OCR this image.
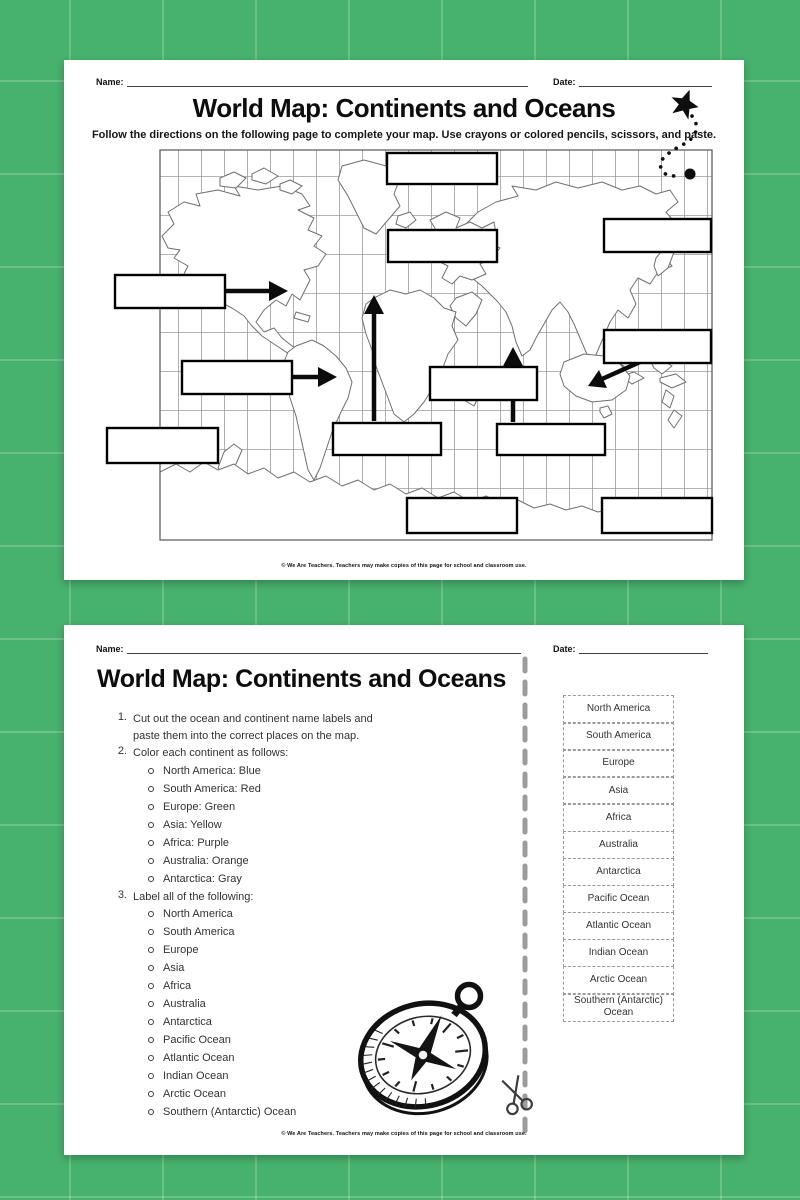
Name:	Date:
World Map: Continents and Oceans
Follow the directions on the following page to complete your map. Use crayons or colored pencils, scissors, and paste.
© We Are Teachers. Teachers may make copies of this page for school and classroom use.
Name:	Date:
World Map: Continents and Oceans
1. Cut out the ocean and continent name labels and
paste them into the correct places on the map.
2. Color each continent as follows:
North America: Blue
South America: Red
Europe: Green
Asia: Yellow
Africa: Purple
Australia: Orange
Antarctica: Gray
3. Label all of the following:
North America
South America
Europe
Asia
Africa
Australia
Antarctica
Pacific Ocean
Atlantic Ocean
Indian Ocean
Arctic Ocean
Southern (Antarctic) Ocean
North America
South America
Europe
Asia
Africa
Australia
Antarctica
Pacific Ocean
Atlantic Ocean
Indian Ocean
Arctic Ocean
Southern (Antarctic) Ocean
© We Are Teachers. Teachers may make copies of this page for school and classroom use.
